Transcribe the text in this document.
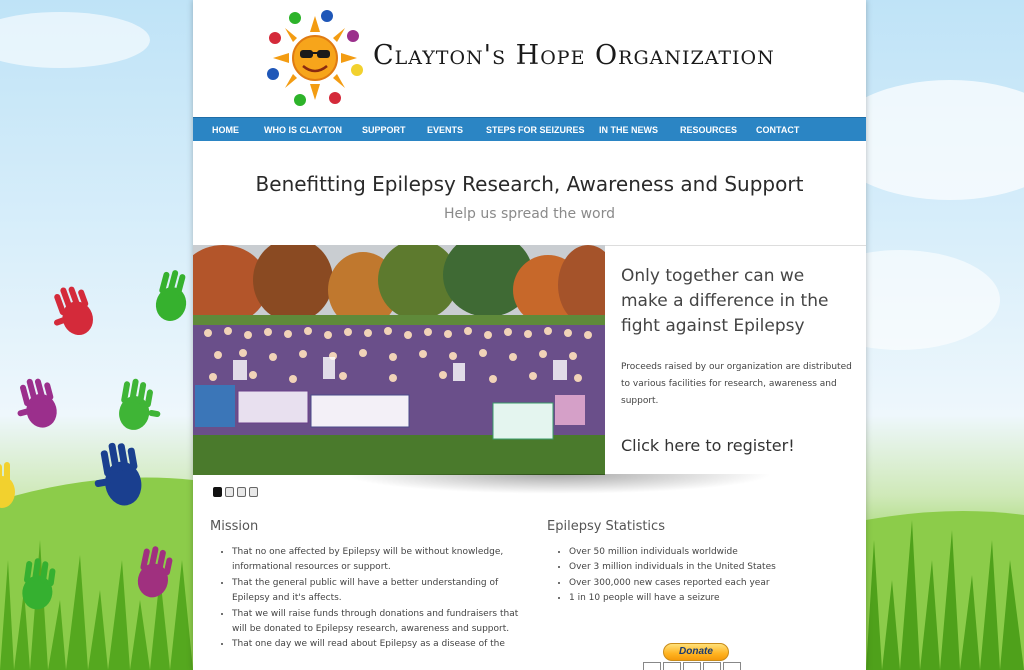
Clayton's Hope Organization
HOME	WHO IS CLAYTON SUPPORT EVENTS	STEPS FOR SEIZURES IN THE NEWS RESOURCES CONTACT
Benefitting Epilepsy Research, Awareness and Support
Help us spread the word
Only together can we make a difference in the fight against Epilepsy
Proceeds raised by our organization are distributed to various facilities for research, awareness and support.
Click here to register!
Mission
• That no one affected by Epilepsy will be without knowledge, informational resources or support.
• That the general public will have a better understanding of Epilepsy and it's affects.
• That we will raise funds through donations and fundraisers that will be donated to Epilepsy research, awareness and support.
• That one day we will read about Epilepsy as a disease of the
Epilepsy Statistics
• Over 50 million individuals worldwide
• Over 3 million individuals in the United States
• Over 300,000 new cases reported each year
• 1 in 10 people will have a seizure
Donate
